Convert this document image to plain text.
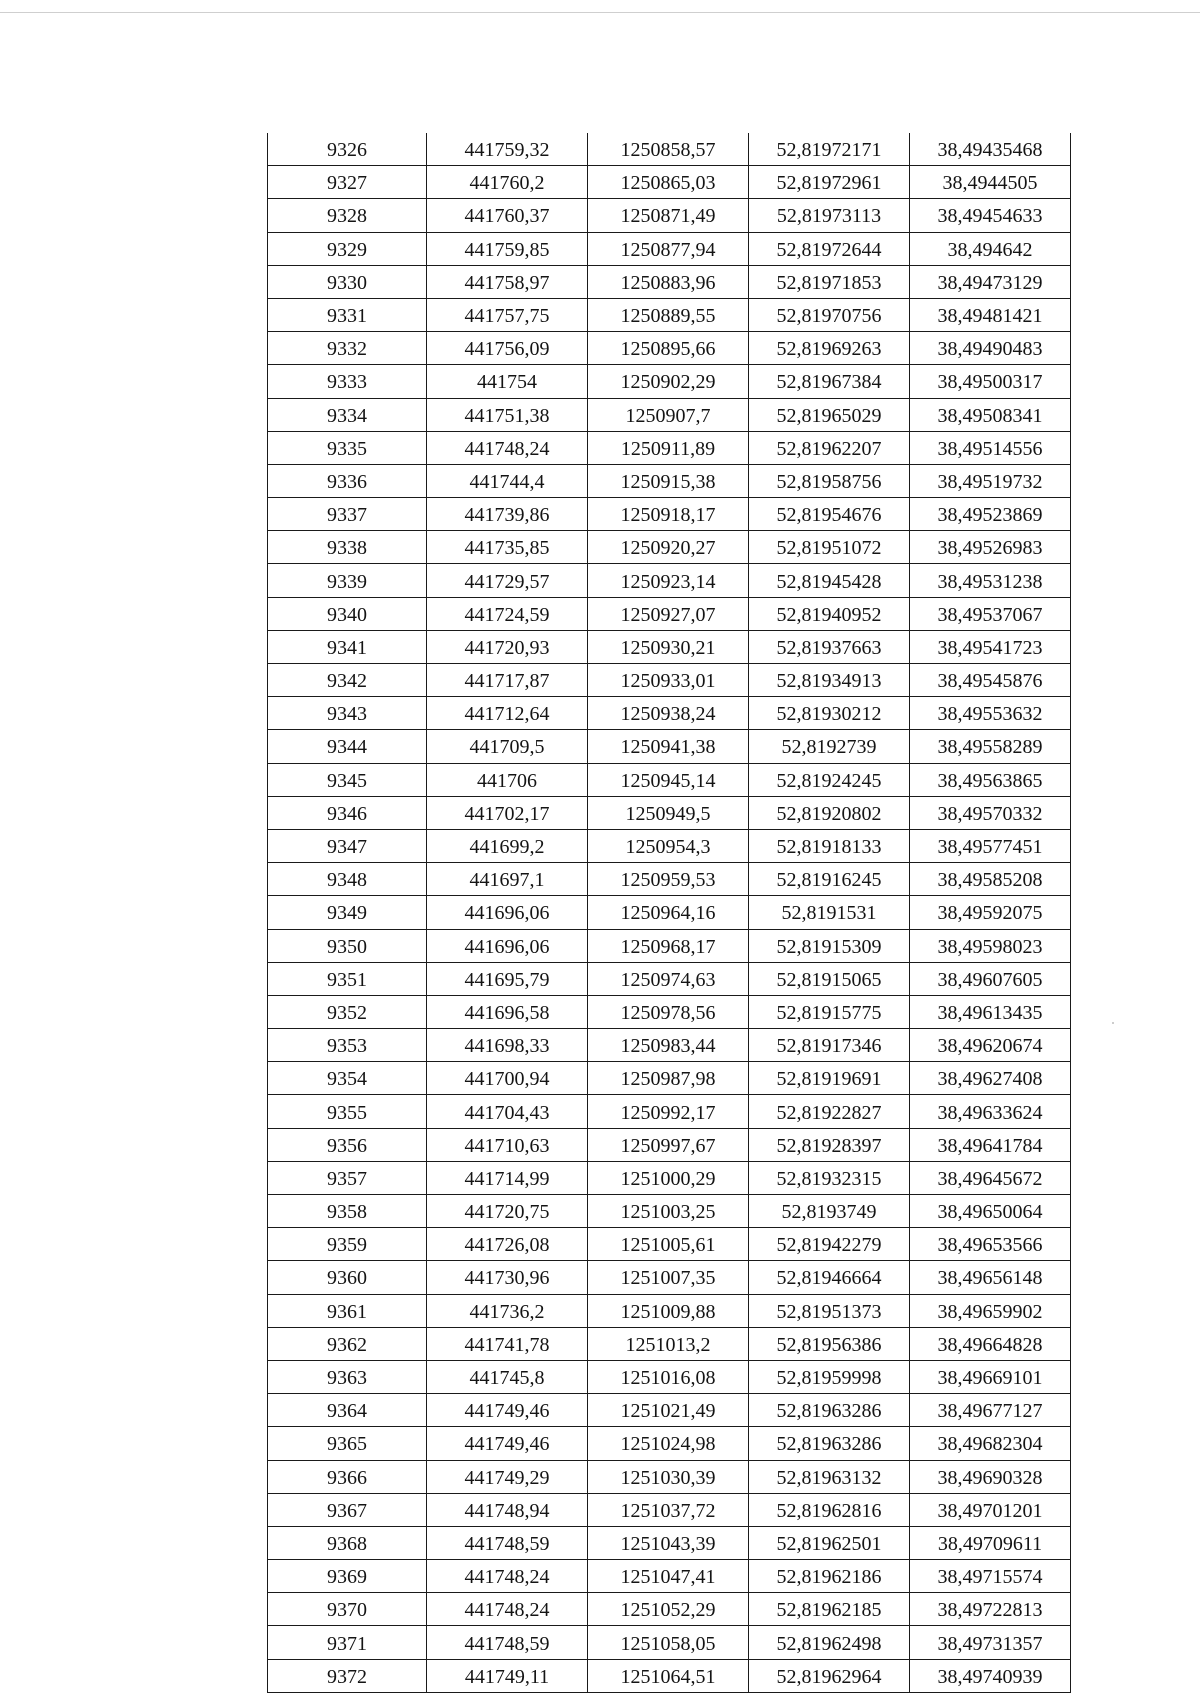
9326	441759,32	1250858,57	52,81972171	38,49435468
9327	441760,2	1250865,03	52,81972961	38,4944505
9328	441760,37	1250871,49	52,81973113	38,49454633
9329	441759,85	1250877,94	52,81972644	38,494642
9330	441758,97	1250883,96	52,81971853	38,49473129
9331	441757,75	1250889,55	52,81970756	38,49481421
9332	441756,09	1250895,66	52,81969263	38,49490483
9333	441754	1250902,29	52,81967384	38,49500317
9334	441751,38	1250907,7	52,81965029	38,49508341
9335	441748,24	1250911,89	52,81962207	38,49514556
9336	441744,4	1250915,38	52,81958756	38,49519732
9337	441739,86	1250918,17	52,81954676	38,49523869
9338	441735,85	1250920,27	52,81951072	38,49526983
9339	441729,57	1250923,14	52,81945428	38,49531238
9340	441724,59	1250927,07	52,81940952	38,49537067
9341	441720,93	1250930,21	52,81937663	38,49541723
9342	441717,87	1250933,01	52,81934913	38,49545876
9343	441712,64	1250938,24	52,81930212	38,49553632
9344	441709,5	1250941,38	52,8192739	38,49558289
9345	441706	1250945,14	52,81924245	38,49563865
9346	441702,17	1250949,5	52,81920802	38,49570332
9347	441699,2	1250954,3	52,81918133	38,49577451
9348	441697,1	1250959,53	52,81916245	38,49585208
9349	441696,06	1250964,16	52,8191531	38,49592075
9350	441696,06	1250968,17	52,81915309	38,49598023
9351	441695,79	1250974,63	52,81915065	38,49607605
9352	441696,58	1250978,56	52,81915775	38,49613435
9353	441698,33	1250983,44	52,81917346	38,49620674
9354	441700,94	1250987,98	52,81919691	38,49627408
9355	441704,43	1250992,17	52,81922827	38,49633624
9356	441710,63	1250997,67	52,81928397	38,49641784
9357	441714,99	1251000,29	52,81932315	38,49645672
9358	441720,75	1251003,25	52,8193749	38,49650064
9359	441726,08	1251005,61	52,81942279	38,49653566
9360	441730,96	1251007,35	52,81946664	38,49656148
9361	441736,2	1251009,88	52,81951373	38,49659902
9362	441741,78	1251013,2	52,81956386	38,49664828
9363	441745,8	1251016,08	52,81959998	38,49669101
9364	441749,46	1251021,49	52,81963286	38,49677127
9365	441749,46	1251024,98	52,81963286	38,49682304
9366	441749,29	1251030,39	52,81963132	38,49690328
9367	441748,94	1251037,72	52,81962816	38,49701201
9368	441748,59	1251043,39	52,81962501	38,49709611
9369	441748,24	1251047,41	52,81962186	38,49715574
9370	441748,24	1251052,29	52,81962185	38,49722813
9371	441748,59	1251058,05	52,81962498	38,49731357
9372	441749,11	1251064,51	52,81962964	38,49740939
